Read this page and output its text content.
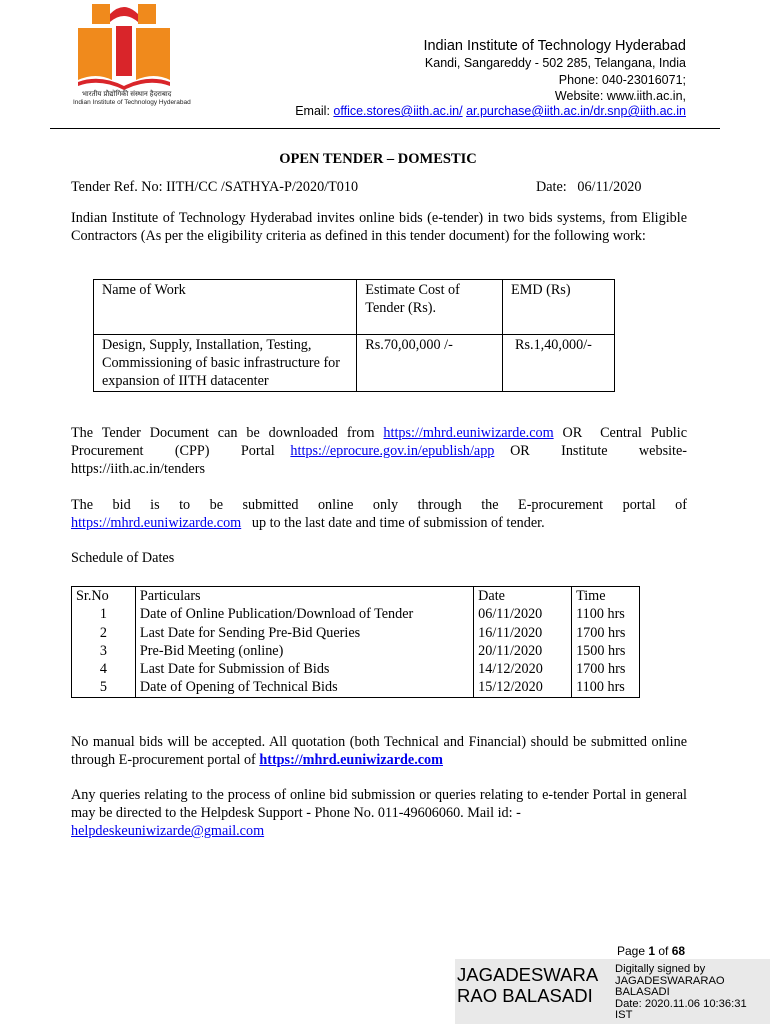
भारतीय प्रौद्योगिकी संस्थान हैदराबाद
Indian Institute of Technology Hyderabad
Indian Institute of Technology Hyderabad
Kandi, Sangareddy - 502 285, Telangana, India
Phone: 040-23016071;
Website: www.iith.ac.in,
Email: office.stores@iith.ac.in/ ar.purchase@iith.ac.in/dr.snp@iith.ac.in
OPEN TENDER – DOMESTIC
Tender Ref. No: IITH/CC /SATHYA-P/2020/T010	Date:   06/11/2020
Indian Institute of Technology Hyderabad invites online bids (e-tender) in two bids systems, from Eligible Contractors (As per the eligibility criteria as defined in this tender document) for the following work:
Name of Work	Estimate Cost of Tender (Rs).	EMD (Rs)
Design, Supply, Installation, Testing, Commissioning of basic infrastructure for expansion of IITH datacenter	Rs.70,00,000 /-	Rs.1,40,000/-
The Tender Document can be downloaded from https://mhrd.euniwizarde.com OR  Central Public Procurement  (CPP)  Portal https://eprocure.gov.in/epublish/app OR  Institute  website-
https://iith.ac.in/tenders
The bid is to be submitted online only through the E-procurement portal of
https://mhrd.euniwizarde.com up to the last date and time of submission of tender.
Schedule of Dates
Sr.No	Particulars	Date	Time
1	Date of Online Publication/Download of Tender	06/11/2020	1100 hrs
2	Last Date for Sending Pre-Bid Queries	16/11/2020	1700 hrs
3	Pre-Bid Meeting (online)	20/11/2020	1500 hrs
4	Last Date for Submission of Bids	14/12/2020	1700 hrs
5	Date of Opening of Technical Bids	15/12/2020	1100 hrs
No manual bids will be accepted. All quotation (both Technical and Financial) should be submitted online through E-procurement portal of https://mhrd.euniwizarde.com
Any queries relating to the process of online bid submission or queries relating to e-tender Portal in general may be directed to the Helpdesk Support - Phone No. 011-49606060. Mail id: -
helpdeskeuniwizarde@gmail.com
Page 1 of 68
JAGADESWARA
RAO BALASADI
Digitally signed by
JAGADESWARARAO
BALASADI
Date: 2020.11.06 10:36:31
IST
